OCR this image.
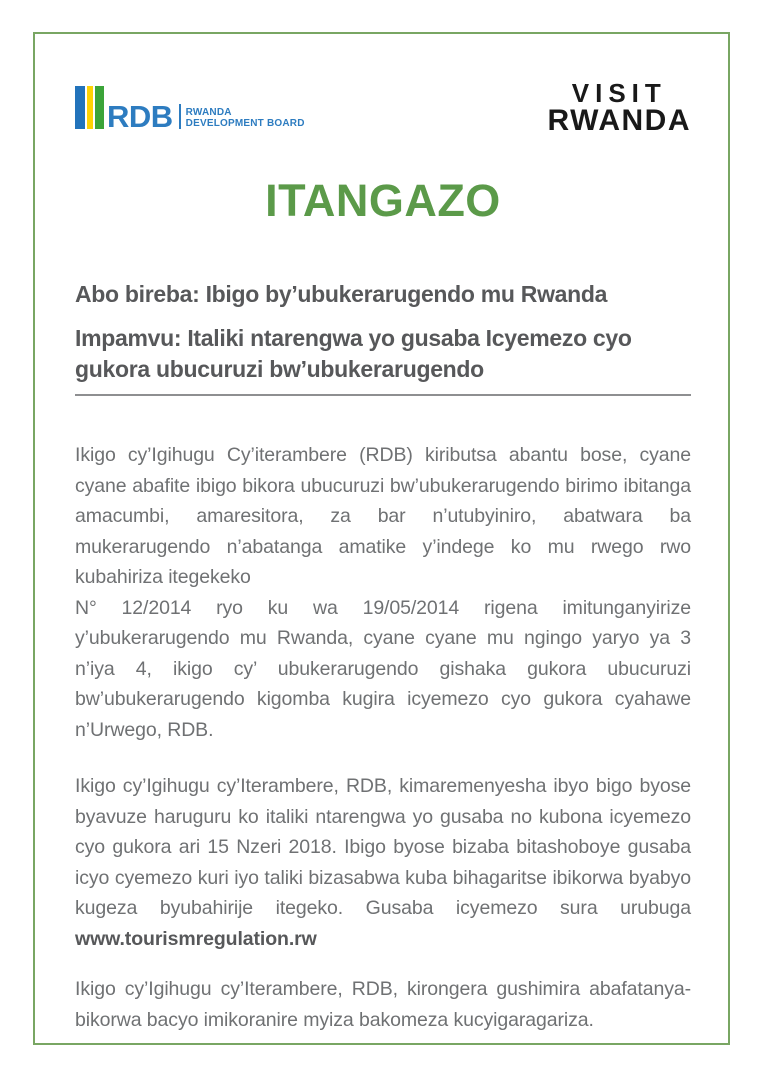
RDB RWANDA
DEVELOPMENT BOARD
VISIT
RWANDA
ITANGAZO

Abo bireba: Ibigo by’ubukerarugendo mu Rwanda

Impamvu: Italiki ntarengwa yo gusaba Icyemezo cyo gukora ubucuruzi bw’ubukerarugendo

Ikigo cy’Igihugu Cy’iterambere (RDB) kiributsa abantu bose, cyane cyane abafite ibigo bikora ubucuruzi bw’ubukerarugendo birimo ibitanga amacumbi, amaresitora, za bar n’utubyiniro, abatwara ba mukerarugendo n’abatanga amatike y’indege ko mu rwego rwo kubahiriza itegekeko

N° 12/2014 ryo ku wa 19/05/2014 rigena imitunganyirize y’ubukerarugendo mu Rwanda, cyane cyane mu ngingo yaryo ya 3 n’iya 4, ikigo cy’ ubukerarugendo gishaka gukora ubucuruzi bw’ubukerarugendo kigomba kugira icyemezo cyo gukora cyahawe n’Urwego, RDB.

Ikigo cy’Igihugu cy’Iterambere, RDB, kimaremenyesha ibyo bigo byose byavuze haruguru ko italiki ntarengwa yo gusaba no kubona icyemezo cyo gukora ari 15 Nzeri 2018. Ibigo byose bizaba bitashoboye gusaba icyo cyemezo kuri iyo taliki bizasabwa kuba bihagaritse ibikorwa byabyo kugeza byubahirije itegeko. Gusaba icyemezo sura urubuga www.tourismregulation.rw

Ikigo cy’Igihugu cy’Iterambere, RDB, kirongera gushimira abafatanya-bikorwa bacyo imikoranire myiza bakomeza kucyigaragariza.
